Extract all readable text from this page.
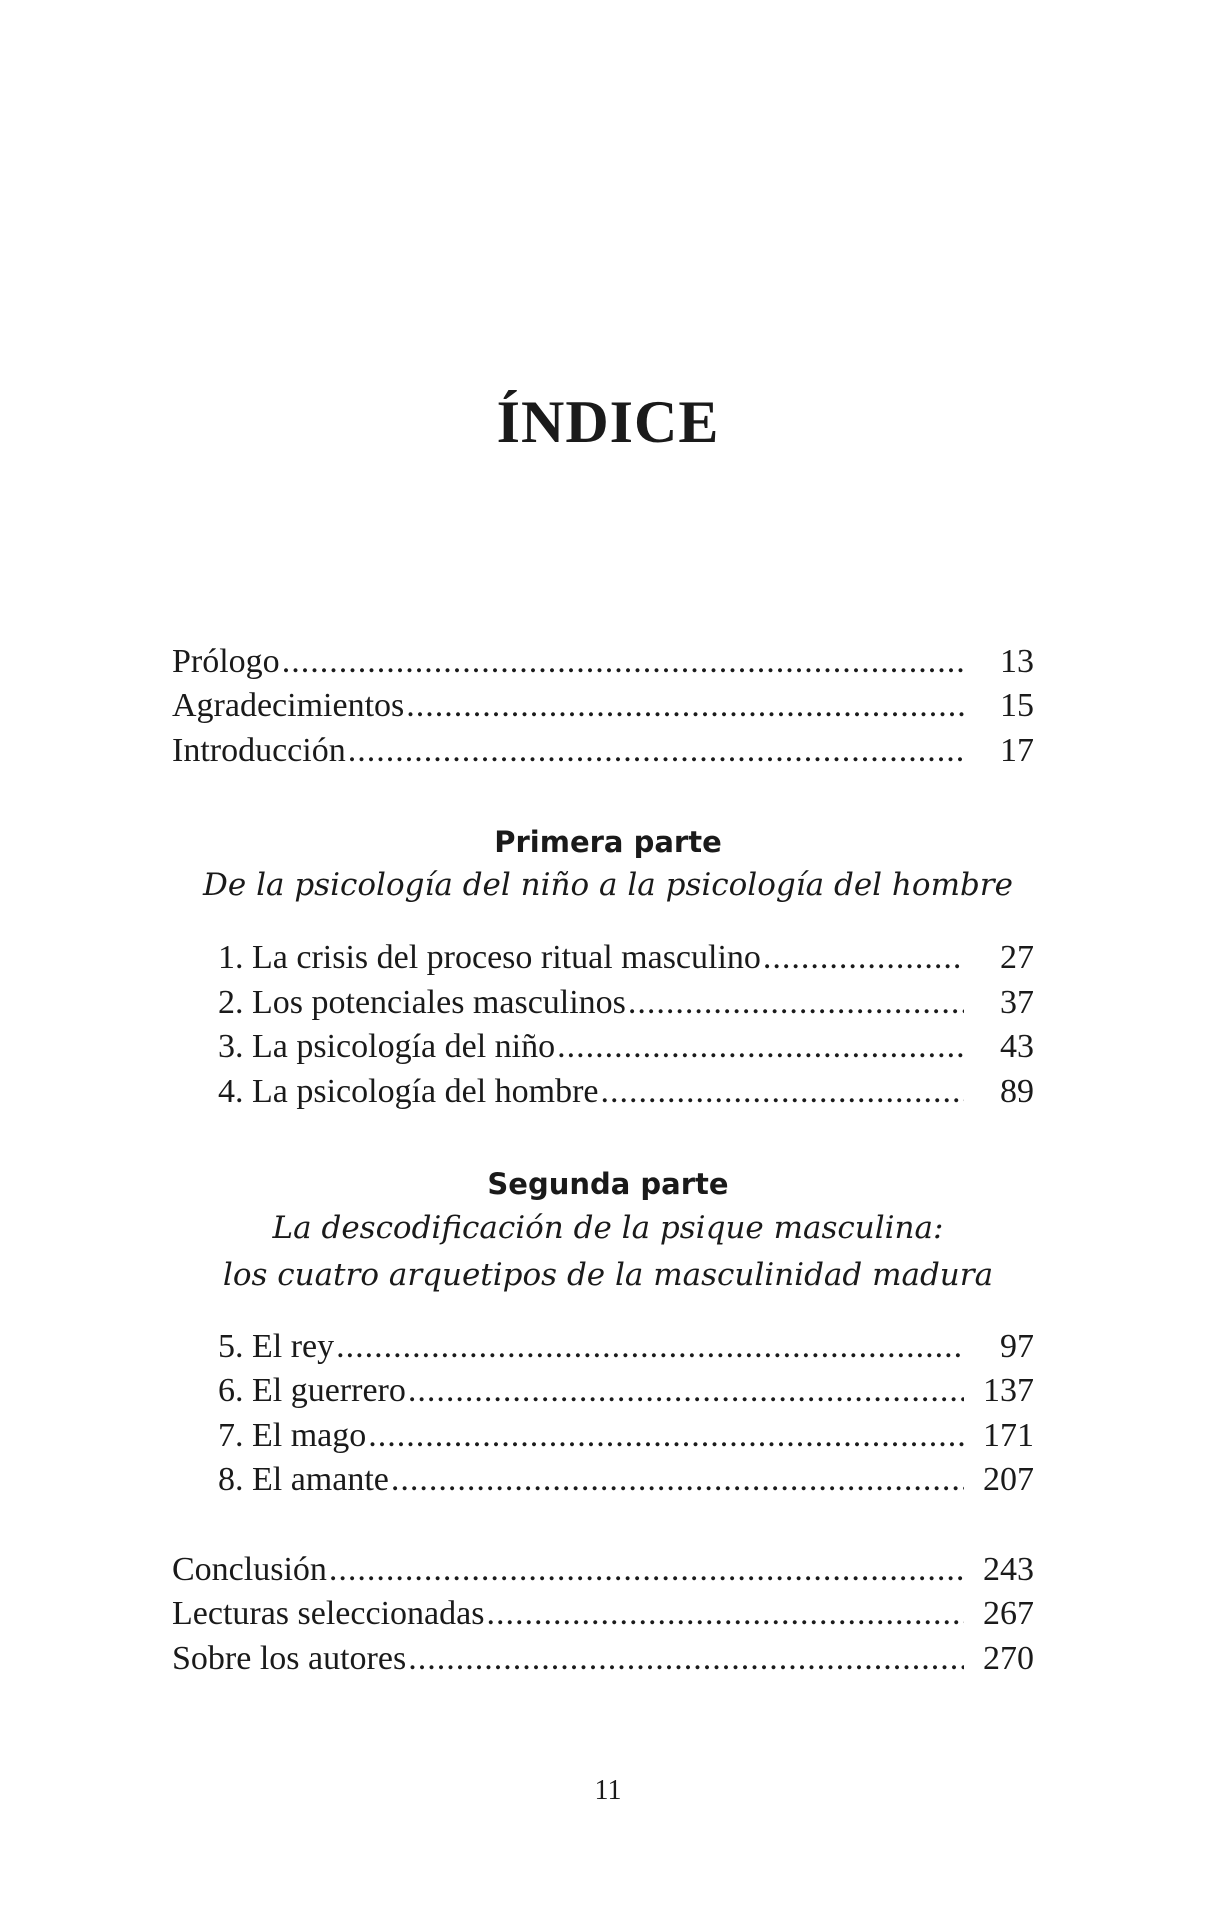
ÍNDICE
Prólogo .....	13
Agradecimientos .....	15
Introducción .....	17
Primera parte
De la psicología del niño a la psicología del hombre
1. La crisis del proceso ritual masculino .....	27
2. Los potenciales masculinos .....	37
3. La psicología del niño .....	43
4. La psicología del hombre .....	89
Segunda parte
La descodificación de la psique masculina:
los cuatro arquetipos de la masculinidad madura
5. El rey .....	97
6. El guerrero .....	137
7. El mago .....	171
8. El amante .....	207
Conclusión .....	243
Lecturas seleccionadas .....	267
Sobre los autores .....	270
11
